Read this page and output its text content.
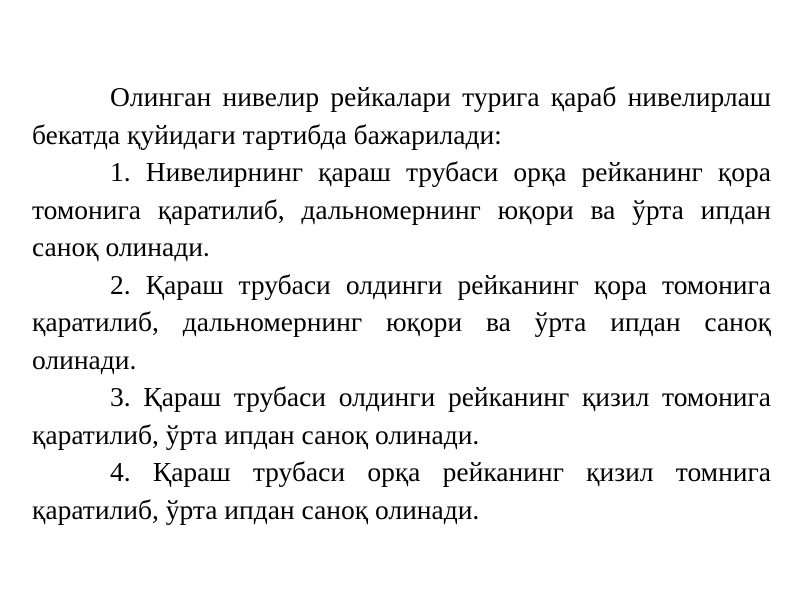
Олинган нивелир рейкалари турига қараб нивелирлаш бекатда қуйидаги тартибда бажарилади:

1. Нивелирнинг қараш трубаси орқа рейканинг қора томонига қаратилиб, дальномернинг юқори ва ўрта ипдан саноқ олинади.

2. Қараш трубаси олдинги рейканинг қора томонига қаратилиб, дальномернинг юқори ва ўрта ипдан саноқ олинади.

3. Қараш трубаси олдинги рейканинг қизил томонига қаратилиб, ўрта ипдан саноқ олинади.

4. Қараш трубаси орқа рейканинг қизил томнига қаратилиб, ўрта ипдан саноқ олинади.
